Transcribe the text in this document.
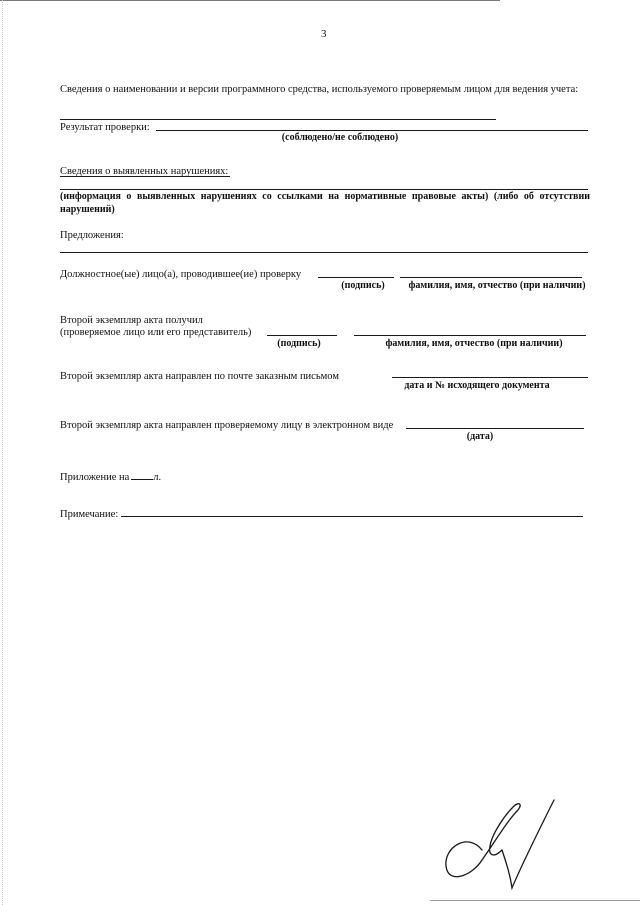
3
Сведения о наименовании и версии программного средства, используемого проверяемым лицом для ведения учета:
Результат проверки:
(соблюдено/не соблюдено)
Сведения о выявленных нарушениях:
(информация о выявленных нарушениях со ссылками на нормативные правовые акты) (либо об отсутствии нарушений)
Предложения:
Должностное(ые) лицо(а), проводившее(ие) проверку
(подпись)	фамилия, имя, отчество (при наличии)
Второй экземпляр акта получил
(проверяемое лицо или его представитель)
(подпись)	фамилия, имя, отчество (при наличии)
Второй экземпляр акта направлен по почте заказным письмом
дата и № исходящего документа
Второй экземпляр акта направлен проверяемому лицу в электронном виде
(дата)
Приложение на л.
Примечание:
